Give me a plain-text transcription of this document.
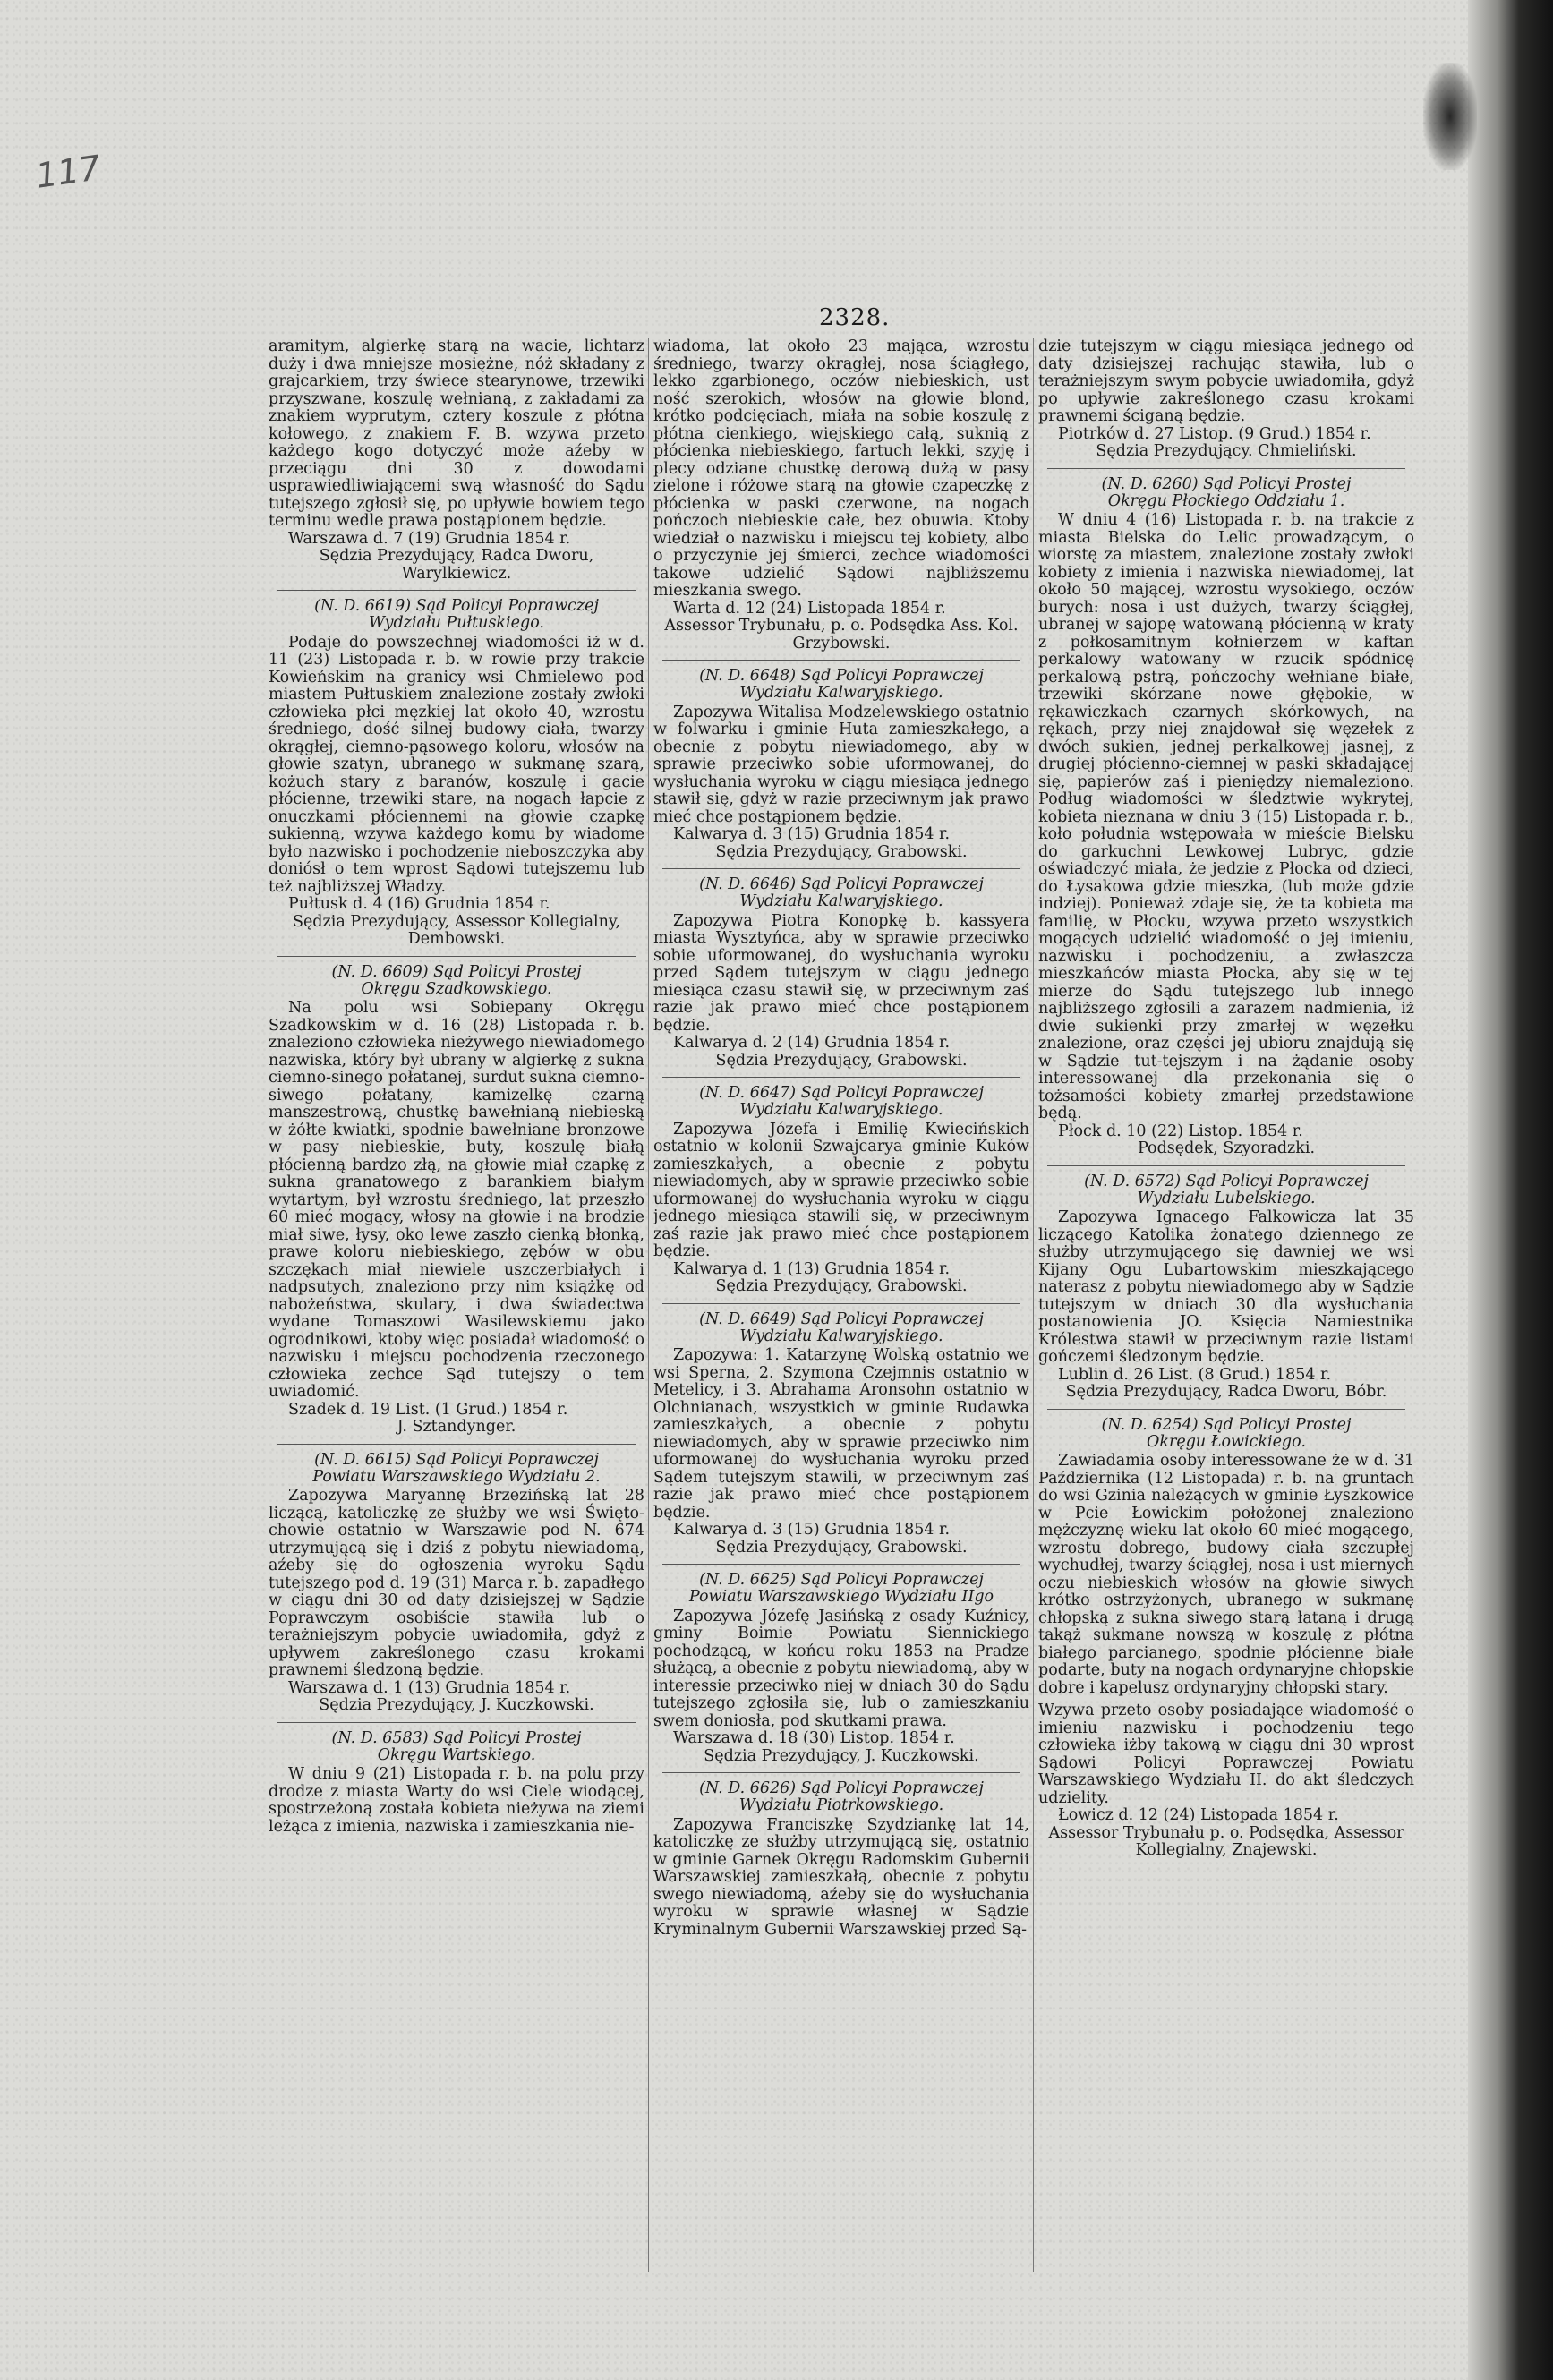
117
2328.

aramitym, algierkę starą na wacie, lichtarz duży i dwa mniejsze mosiężne, nóż składany z grajcarkiem, trzy świece stearynowe, trzewiki przyszwane, koszulę wełnianą, z zakładami za znakiem wyprutym, cztery koszule z płótna kołowego, z znakiem F. B. wzywa przeto każdego kogo dotyczyć może aźeby w przeciągu dni 30 z dowodami usprawiedliwiającemi swą własność do Sądu tutejszego zgłosił się, po upływie bowiem tego terminu wedle prawa postąpionem będzie.

Warszawa d. 7 (19) Grudnia 1854 r.

Sędzia Prezydujący, Radca Dworu, Warylkiewicz.

(N. D. 6619) Sąd Policyi Poprawczej

Wydziału Pułtuskiego.

Podaje do powszechnej wiadomości iż w d. 11 (23) Listopada r. b. w rowie przy trakcie Kowieńskim na granicy wsi Chmielewo pod miastem Pułtuskiem znalezione zostały zwłoki człowieka płci męzkiej lat około 40, wzrostu średniego, dość silnej budowy ciała, twarzy okrągłej, ciemno-pąsowego koloru, włosów na głowie szatyn, ubranego w sukmanę szarą, kożuch stary z baranów, koszulę i gacie płócienne, trzewiki stare, na nogach łapcie z onuczkami płóciennemi na głowie czapkę sukienną, wzywa każdego komu by wiadome było nazwisko i pochodzenie nieboszczyka aby doniósł o tem wprost Sądowi tutejszemu lub też najbliższej Władzy.

Pułtusk d. 4 (16) Grudnia 1854 r.

Sędzia Prezydujący, Assessor Kollegialny, Dembowski.

(N. D. 6609) Sąd Policyi Prostej

Okręgu Szadkowskiego.

Na polu wsi Sobiepany Okręgu Szadkowskim w d. 16 (28) Listopada r. b. znaleziono człowieka nieżywego niewiadomego nazwiska, który był ubrany w algierkę z sukna ciemno-sinego połatanej, surdut sukna ciemno-siwego połatany, kamizelkę czarną manszestrową, chustkę bawełnianą niebieską w żółte kwiatki, spodnie bawełniane bronzowe w pasy niebieskie, buty, koszulę białą płócienną bardzo złą, na głowie miał czapkę z sukna granatowego z barankiem białym wytartym, był wzrostu średniego, lat przeszło 60 mieć mogący, włosy na głowie i na brodzie miał siwe, łysy, oko lewe zaszło cienką błonką, prawe koloru niebieskiego, zębów w obu szczękach miał niewiele uszczerbiałych i nadpsutych, znaleziono przy nim książkę od nabożeństwa, skulary, i dwa świadectwa wydane Tomaszowi Wasilewskiemu jako ogrodnikowi, ktoby więc posiadał wiadomość o nazwisku i miejscu pochodzenia rzeczonego człowieka zechce Sąd tutejszy o tem uwiadomić.

Szadek d. 19 List. (1 Grud.) 1854 r.

J. Sztandynger.

(N. D. 6615) Sąd Policyi Poprawczej

Powiatu Warszawskiego Wydziału 2.

Zapozywa Maryannę Brzezińską lat 28 liczącą, katoliczkę ze służby we wsi Święto-chowie ostatnio w Warszawie pod N. 674 utrzymującą się i dziś z pobytu niewiadomą, aźeby się do ogłoszenia wyroku Sądu tutejszego pod d. 19 (31) Marca r. b. zapadłego w ciągu dni 30 od daty dzisiejszej w Sądzie Poprawczym osobiście stawiła lub o terażniejszym pobycie uwiadomiła, gdyż z upływem zakreślonego czasu krokami prawnemi śledzoną będzie.

Warszawa d. 1 (13) Grudnia 1854 r.

Sędzia Prezydujący, J. Kuczkowski.

(N. D. 6583) Sąd Policyi Prostej

Okręgu Wartskiego.

W dniu 9 (21) Listopada r. b. na polu przy drodze z miasta Warty do wsi Ciele wiodącej, spostrzeżoną została kobieta nieżywa na ziemi leżąca z imienia, nazwiska i zamieszkania nie-

wiadoma, lat około 23 mająca, wzrostu średniego, twarzy okrągłej, nosa ściągłego, lekko zgarbionego, oczów niebieskich, ust ność szerokich, włosów na głowie blond, krótko podcięciach, miała na sobie koszulę z płótna cienkiego, wiejskiego całą, suknią z płócienka niebieskiego, fartuch lekki, szyję i plecy odziane chustkę derową dużą w pasy zielone i różowe starą na głowie czapeczkę z płócienka w paski czerwone, na nogach pończoch niebieskie całe, bez obuwia. Ktoby wiedział o nazwisku i miejscu tej kobiety, albo o przyczynie jej śmierci, zechce wiadomości takowe udzielić Sądowi najbliższemu mieszkania swego.

Warta d. 12 (24) Listopada 1854 r.

Assessor Trybunału, p. o. Podsędka Ass. Kol. Grzybowski.

(N. D. 6648) Sąd Policyi Poprawczej

Wydziału Kalwaryjskiego.

Zapozywa Witalisa Modzelewskiego ostatnio w folwarku i gminie Huta zamieszkałego, a obecnie z pobytu niewiadomego, aby w sprawie przeciwko sobie uformowanej, do wysłuchania wyroku w ciągu miesiąca jednego stawił się, gdyż w razie przeciwnym jak prawo mieć chce postąpionem będzie.

Kalwarya d. 3 (15) Grudnia 1854 r.

Sędzia Prezydujący, Grabowski.

(N. D. 6646) Sąd Policyi Poprawczej

Wydziału Kalwaryjskiego.

Zapozywa Piotra Konopkę b. kassyera miasta Wysztyńca, aby w sprawie przeciwko sobie uformowanej, do wysłuchania wyroku przed Sądem tutejszym w ciągu jednego miesiąca czasu stawił się, w przeciwnym zaś razie jak prawo mieć chce postąpionem będzie.

Kalwarya d. 2 (14) Grudnia 1854 r.

Sędzia Prezydujący, Grabowski.

(N. D. 6647) Sąd Policyi Poprawczej

Wydziału Kalwaryjskiego.

Zapozywa Józefa i Emilię Kwiecińskich ostatnio w kolonii Szwajcarya gminie Kuków zamieszkałych, a obecnie z pobytu niewiadomych, aby w sprawie przeciwko sobie uformowanej do wysłuchania wyroku w ciągu jednego miesiąca stawili się, w przeciwnym zaś razie jak prawo mieć chce postąpionem będzie.

Kalwarya d. 1 (13) Grudnia 1854 r.

Sędzia Prezydujący, Grabowski.

(N. D. 6649) Sąd Policyi Poprawczej

Wydziału Kalwaryjskiego.

Zapozywa: 1. Katarzynę Wolską ostatnio we wsi Sperna, 2. Szymona Czejmnis ostatnio w Metelicy, i 3. Abrahama Aronsohn ostatnio w Olchnianach, wszystkich w gminie Rudawka zamieszkałych, a obecnie z pobytu niewiadomych, aby w sprawie przeciwko nim uformowanej do wysłuchania wyroku przed Sądem tutejszym stawili, w przeciwnym zaś razie jak prawo mieć chce postąpionem będzie.

Kalwarya d. 3 (15) Grudnia 1854 r.

Sędzia Prezydujący, Grabowski.

(N. D. 6625) Sąd Policyi Poprawczej

Powiatu Warszawskiego Wydziału IIgo

Zapozywa Józefę Jasińską z osady Kuźnicy, gminy Boimie Powiatu Siennickiego pochodzącą, w końcu roku 1853 na Pradze służącą, a obecnie z pobytu niewiadomą, aby w interessie przeciwko niej w dniach 30 do Sądu tutejszego zgłosiła się, lub o zamieszkaniu swem doniosła, pod skutkami prawa.

Warszawa d. 18 (30) Listop. 1854 r.

Sędzia Prezydujący, J. Kuczkowski.

(N. D. 6626) Sąd Policyi Poprawczej

Wydziału Piotrkowskiego.

Zapozywa Franciszkę Szydziankę lat 14, katoliczkę ze służby utrzymującą się, ostatnio w gminie Garnek Okręgu Radomskim Gubernii Warszawskiej zamieszkałą, obecnie z pobytu swego niewiadomą, aźeby się do wysłuchania wyroku w sprawie własnej w Sądzie Kryminalnym Gubernii Warszawskiej przed Są-

dzie tutejszym w ciągu miesiąca jednego od daty dzisiejszej rachując stawiła, lub o terażniejszym swym pobycie uwiadomiła, gdyż po upływie zakreślonego czasu krokami prawnemi ściganą będzie.

Piotrków d. 27 Listop. (9 Grud.) 1854 r.

Sędzia Prezydujący. Chmieliński.

(N. D. 6260) Sąd Policyi Prostej

Okręgu Płockiego Oddziału 1.

W dniu 4 (16) Listopada r. b. na trakcie z miasta Bielska do Lelic prowadzącym, o wiorstę za miastem, znalezione zostały zwłoki kobiety z imienia i nazwiska niewiadomej, lat około 50 mającej, wzrostu wysokiego, oczów burych: nosa i ust dużych, twarzy ściągłej, ubranej w sajopę watowaną płócienną w kraty z połkosamitnym kołnierzem w kaftan perkalowy watowany w rzucik spódnicę perkalową pstrą, pończochy wełniane białe, trzewiki skórzane nowe głębokie, w rękawiczkach czarnych skórkowych, na rękach, przy niej znajdował się węzełek z dwóch sukien, jednej perkalkowej jasnej, z drugiej płócienno-ciemnej w paski składającej się, papierów zaś i pieniędzy niemaleziono. Podług wiadomości w śledztwie wykrytej, kobieta nieznana w dniu 3 (15) Listopada r. b., koło południa wstępowała w mieście Bielsku do garkuchni Lewkowej Lubryc, gdzie oświadczyć miała, że jedzie z Płocka od dzieci, do Łysakowa gdzie mieszka, (lub może gdzie indziej). Ponieważ zdaje się, że ta kobieta ma familię, w Płocku, wzywa przeto wszystkich mogących udzielić wiadomość o jej imieniu, nazwisku i pochodzeniu, a zwłaszcza mieszkańców miasta Płocka, aby się w tej mierze do Sądu tutejszego lub innego najbliższego zgłosili a zarazem nadmienia, iż dwie sukienki przy zmarłej w węzełku znalezione, oraz części jej ubioru znajdują się w Sądzie tut-tejszym i na żądanie osoby interessowanej dla przekonania się o tożsamości kobiety zmarłej przedstawione będą.

Płock d. 10 (22) Listop. 1854 r.

Podsędek, Szyoradzki.

(N. D. 6572) Sąd Policyi Poprawczej

Wydziału Lubelskiego.

Zapozywa Ignacego Falkowicza lat 35 liczącego Katolika żonatego dziennego ze służby utrzymującego się dawniej we wsi Kijany Ogu Lubartowskim mieszkającego naterasz z pobytu niewiadomego aby w Sądzie tutejszym w dniach 30 dla wysłuchania postanowienia JO. Księcia Namiestnika Królestwa stawił w przeciwnym razie listami gończemi śledzonym będzie.

Lublin d. 26 List. (8 Grud.) 1854 r.

Sędzia Prezydujący, Radca Dworu, Bóbr.

(N. D. 6254) Sąd Policyi Prostej

Okręgu Łowickiego.

Zawiadamia osoby interessowane że w d. 31 Października (12 Listopada) r. b. na gruntach do wsi Gzinia należących w gminie Łyszkowice w Pcie Łowickim położonej znaleziono mężczyznę wieku lat około 60 mieć mogącego, wzrostu dobrego, budowy ciała szczupłej wychudłej, twarzy ściągłej, nosa i ust miernych oczu niebieskich włosów na głowie siwych krótko ostrzyżonych, ubranego w sukmanę chłopską z sukna siwego starą łataną i drugą takąż sukmane nowszą w koszulę z płótna białego parcianego, spodnie płócienne białe podarte, buty na nogach ordynaryjne chłopskie dobre i kapelusz ordynaryjny chłopski stary.

Wzywa przeto osoby posiadające wiadomość o imieniu nazwisku i pochodzeniu tego człowieka iżby takową w ciągu dni 30 wprost Sądowi Policyi Poprawczej Powiatu Warszawskiego Wydziału II. do akt śledczych udzielity.

Łowicz d. 12 (24) Listopada 1854 r.

Assessor Trybunału p. o. Podsędka, Assessor Kollegialny, Znajewski.
